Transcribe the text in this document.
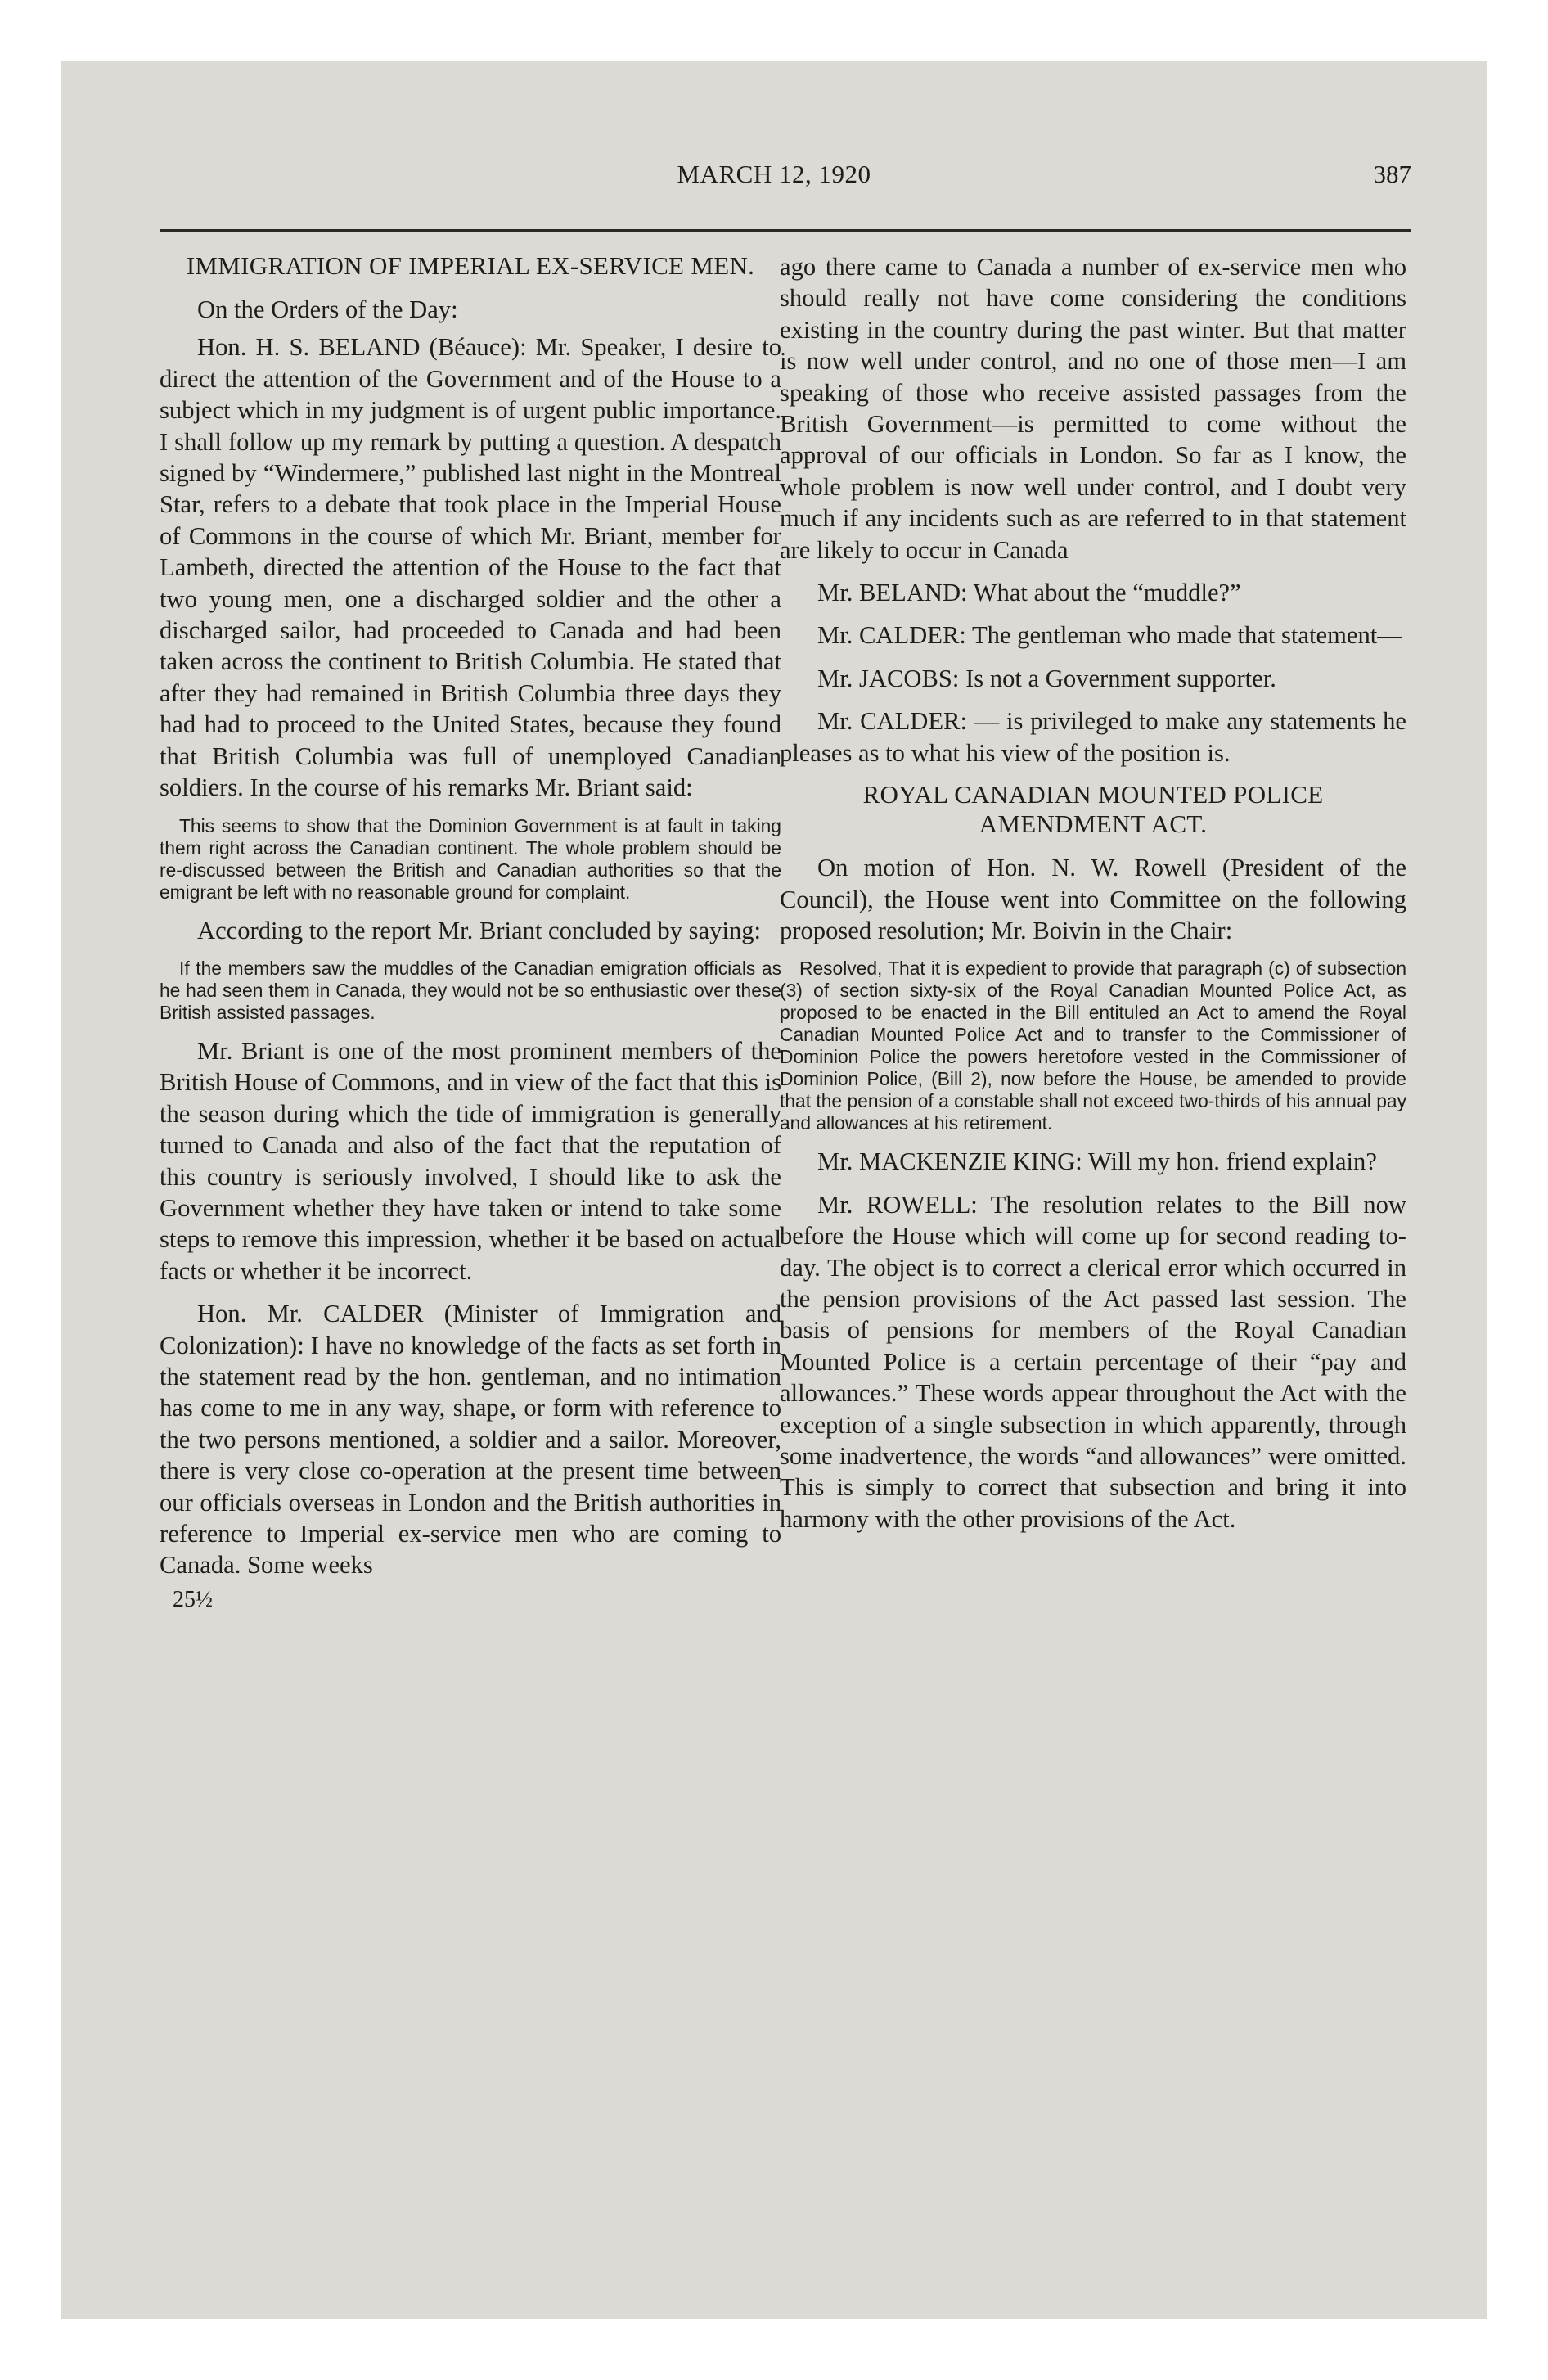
MARCH 12, 1920	387
IMMIGRATION OF IMPERIAL EX-SERVICE MEN.

On the Orders of the Day:

Hon. H. S. BELAND (Béauce): Mr. Speaker, I desire to direct the attention of the Government and of the House to a subject which in my judgment is of urgent public importance. I shall follow up my remark by putting a question. A despatch signed by “Windermere,” published last night in the Montreal Star, refers to a debate that took place in the Imperial House of Commons in the course of which Mr. Briant, member for Lambeth, directed the attention of the House to the fact that two young men, one a discharged soldier and the other a discharged sailor, had proceeded to Canada and had been taken across the continent to British Columbia. He stated that after they had remained in British Columbia three days they had had to proceed to the United States, because they found that British Columbia was full of unemployed Canadian soldiers. In the course of his remarks Mr. Briant said:

This seems to show that the Dominion Government is at fault in taking them right across the Canadian continent. The whole problem should be re-discussed between the British and Canadian authorities so that the emigrant be left with no reasonable ground for complaint.

According to the report Mr. Briant concluded by saying:

If the members saw the muddles of the Canadian emigration officials as he had seen them in Canada, they would not be so enthusiastic over these British assisted passages.

Mr. Briant is one of the most prominent members of the British House of Commons, and in view of the fact that this is the season during which the tide of immigration is generally turned to Canada and also of the fact that the reputation of this country is seriously involved, I should like to ask the Government whether they have taken or intend to take some steps to remove this impression, whether it be based on actual facts or whether it be incorrect.

Hon. Mr. CALDER (Minister of Immigration and Colonization): I have no knowledge of the facts as set forth in the statement read by the hon. gentleman, and no intimation has come to me in any way, shape, or form with reference to the two persons mentioned, a soldier and a sailor. Moreover, there is very close co-operation at the present time between our officials overseas in London and the British authorities in reference to Imperial ex-service men who are coming to Canada. Some weeks

25½

ago there came to Canada a number of ex-service men who should really not have come considering the conditions existing in the country during the past winter. But that matter is now well under control, and no one of those men—I am speaking of those who receive assisted passages from the British Government—is permitted to come without the approval of our officials in London. So far as I know, the whole problem is now well under control, and I doubt very much if any incidents such as are referred to in that statement are likely to occur in Canada

Mr. BELAND: What about the “muddle?”

Mr. CALDER: The gentleman who made that statement—

Mr. JACOBS: Is not a Government supporter.

Mr. CALDER: — is privileged to make any statements he pleases as to what his view of the position is.

ROYAL CANADIAN MOUNTED POLICE AMENDMENT ACT.

On motion of Hon. N. W. Rowell (President of the Council), the House went into Committee on the following proposed resolution; Mr. Boivin in the Chair:

Resolved, That it is expedient to provide that paragraph (c) of subsection (3) of section sixty-six of the Royal Canadian Mounted Police Act, as proposed to be enacted in the Bill entituled an Act to amend the Royal Canadian Mounted Police Act and to transfer to the Commissioner of Dominion Police the powers heretofore vested in the Commissioner of Dominion Police, (Bill 2), now before the House, be amended to provide that the pension of a constable shall not exceed two-thirds of his annual pay and allowances at his retirement.

Mr. MACKENZIE KING: Will my hon. friend explain?

Mr. ROWELL: The resolution relates to the Bill now before the House which will come up for second reading to-day. The object is to correct a clerical error which occurred in the pension provisions of the Act passed last session. The basis of pensions for members of the Royal Canadian Mounted Police is a certain percentage of their “pay and allowances.” These words appear throughout the Act with the exception of a single subsection in which apparently, through some inadvertence, the words “and allowances” were omitted. This is simply to correct that subsection and bring it into harmony with the other provisions of the Act.
